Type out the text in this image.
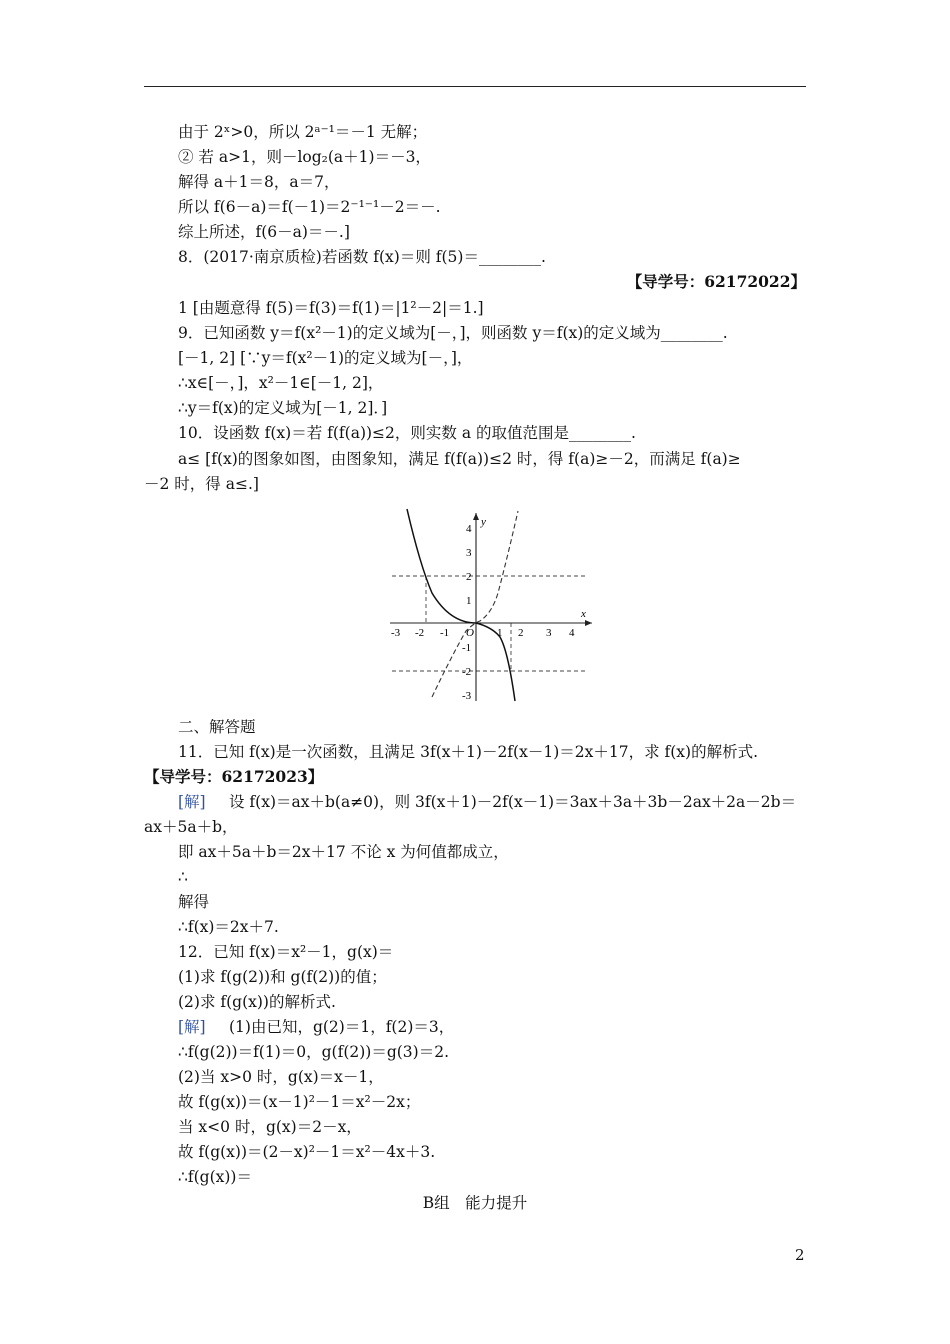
由于 2ˣ>0，所以 2ᵃ⁻¹＝－1 无解；
② 若 a>1，则－log₂(a＋1)＝－3，
解得 a＋1＝8，a＝7，
所以 f(6－a)＝f(－1)＝2⁻¹⁻¹－2＝－.
综上所述，f(6－a)＝－.]
8．(2017·南京质检)若函数 f(x)＝则 f(5)＝________.
【导学号：62172022】
1 [由题意得 f(5)＝f(3)＝f(1)＝|1²－2|＝1.]
9．已知函数 y＝f(x²－1)的定义域为[－，]，则函数 y＝f(x)的定义域为________.
[－1, 2] [∵y＝f(x²－1)的定义域为[－，]，
∴x∈[－，]，x²－1∈[－1, 2]，
∴y＝f(x)的定义域为[－1, 2]．]
10．设函数 f(x)＝若 f(f(a))≤2，则实数 a 的取值范围是________.
a≤ [f(x)的图象如图，由图象知，满足 f(f(a))≤2 时，得 f(a)≥－2，而满足 f(a)≥
－2 时，得 a≤.]
x
y
O
-3 -2 -1	1 2 3 4
4
3
2
1
-1
-2
-3
二、解答题
11．已知 f(x)是一次函数，且满足 3f(x＋1)－2f(x－1)＝2x＋17，求 f(x)的解析式.
【导学号：62172023】
[解] 设 f(x)＝ax＋b(a≠0)，则 3f(x＋1)－2f(x－1)＝3ax＋3a＋3b－2ax＋2a－2b＝
ax＋5a＋b，
即 ax＋5a＋b＝2x＋17 不论 x 为何值都成立，
∴
解得
∴f(x)＝2x＋7.
12．已知 f(x)＝x²－1，g(x)＝
(1)求 f(g(2))和 g(f(2))的值；
(2)求 f(g(x))的解析式.
[解] (1)由已知，g(2)＝1，f(2)＝3，
∴f(g(2))＝f(1)＝0，g(f(2))＝g(3)＝2.
(2)当 x>0 时，g(x)＝x－1，
故 f(g(x))＝(x－1)²－1＝x²－2x；
当 x<0 时，g(x)＝2－x，
故 f(g(x))＝(2－x)²－1＝x²－4x＋3.
∴f(g(x))＝
B组　能力提升
2
